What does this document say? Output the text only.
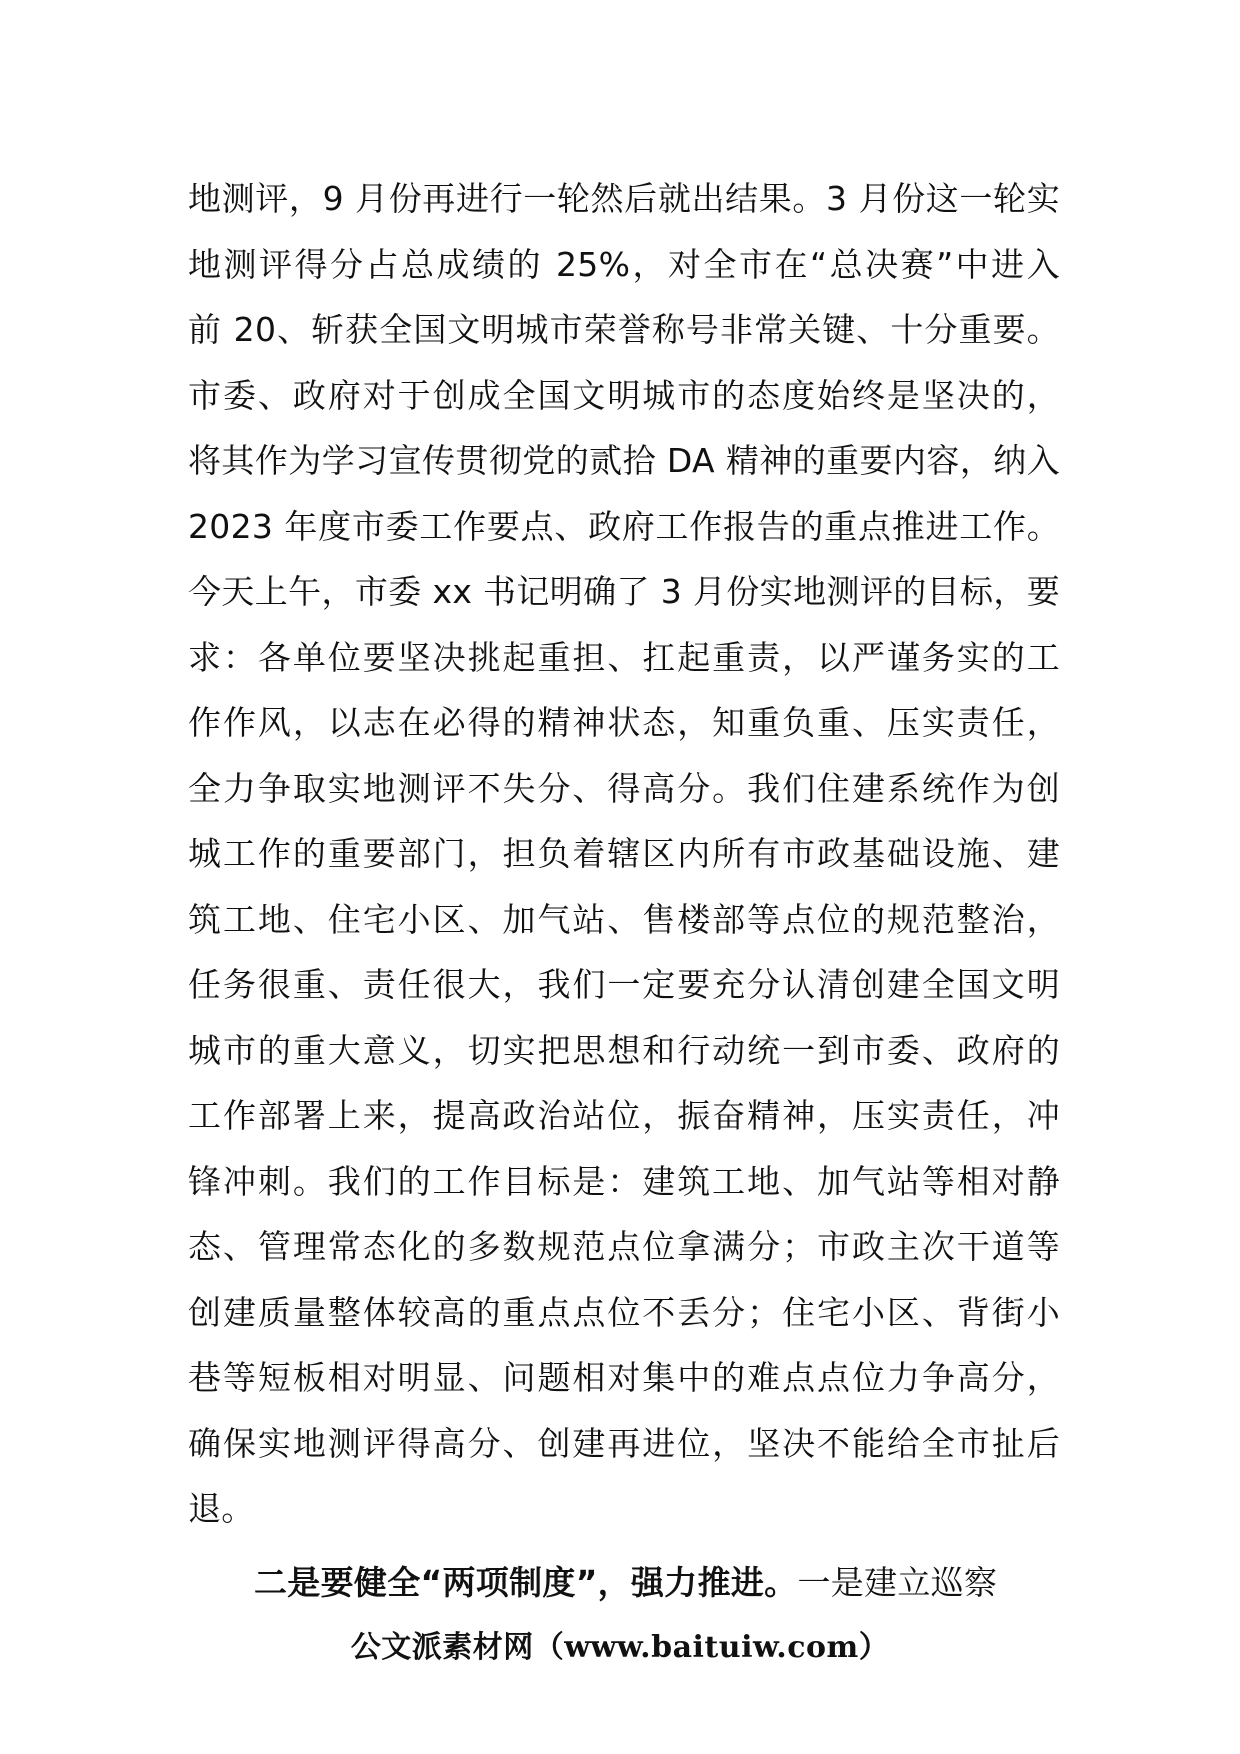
地测评，9 月份再进行一轮然后就出结果。3 月份这一轮实
地测评得分占总成绩的 25%，对全市在“总决赛”中进入
前 20、斩获全国文明城市荣誉称号非常关键、十分重要。
市委、政府对于创成全国文明城市的态度始终是坚决的，
将其作为学习宣传贯彻党的贰拾 DA 精神的重要内容，纳入
2023 年度市委工作要点、政府工作报告的重点推进工作。
今天上午，市委 xx 书记明确了 3 月份实地测评的目标，要
求：各单位要坚决挑起重担、扛起重责，以严谨务实的工
作作风，以志在必得的精神状态，知重负重、压实责任，
全力争取实地测评不失分、得高分。我们住建系统作为创
城工作的重要部门，担负着辖区内所有市政基础设施、建
筑工地、住宅小区、加气站、售楼部等点位的规范整治，
任务很重、责任很大，我们一定要充分认清创建全国文明
城市的重大意义，切实把思想和行动统一到市委、政府的
工作部署上来，提高政治站位，振奋精神，压实责任，冲
锋冲刺。我们的工作目标是：建筑工地、加气站等相对静
态、管理常态化的多数规范点位拿满分；市政主次干道等
创建质量整体较高的重点点位不丢分；住宅小区、背街小
巷等短板相对明显、问题相对集中的难点点位力争高分，
确保实地测评得高分、创建再进位，坚决不能给全市扯后
退。
二是要健全“两项制度”，强力推进。一是建立巡察
公文派素材网（www.baituiw.com）
